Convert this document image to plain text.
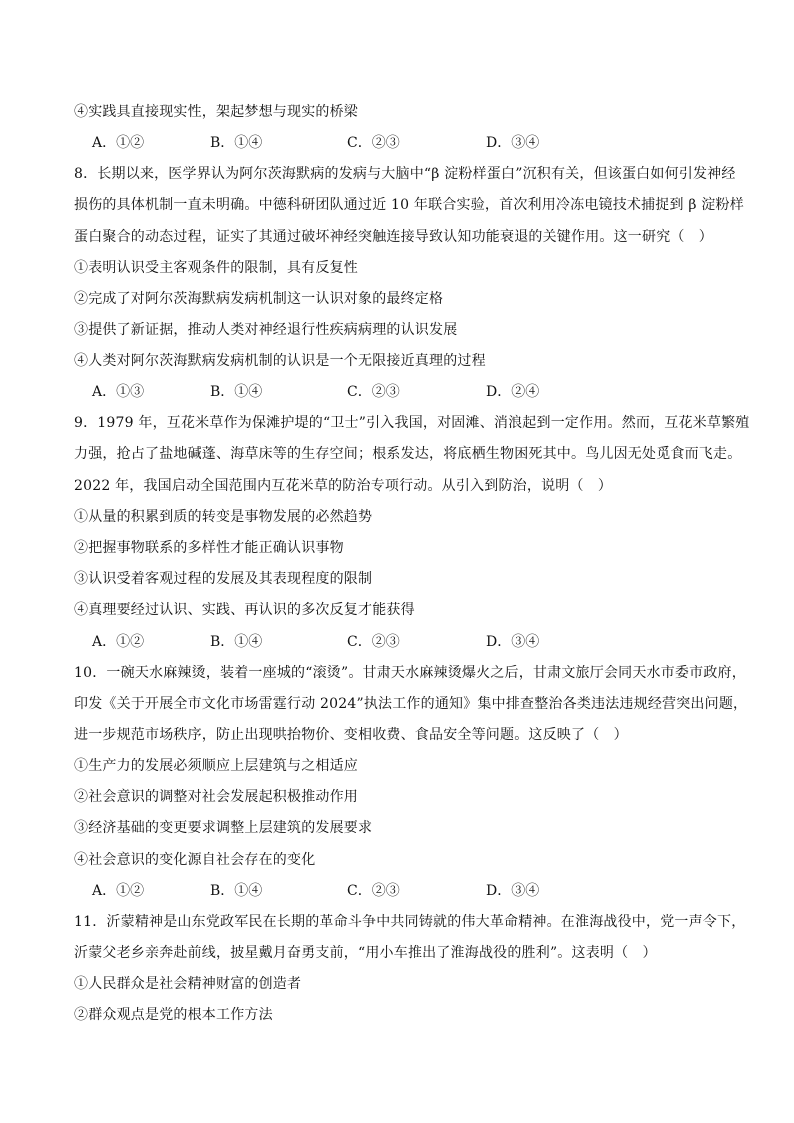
④实践具直接现实性，架起梦想与现实的桥梁
A．①②	B．①④	C．②③	D．③④
8．长期以来，医学界认为阿尔茨海默病的发病与大脑中“β 淀粉样蛋白”沉积有关，但该蛋白如何引发神经
损伤的具体机制一直未明确。中德科研团队通过近 10 年联合实验，首次利用冷冻电镜技术捕捉到 β 淀粉样
蛋白聚合的动态过程，证实了其通过破坏神经突触连接导致认知功能衰退的关键作用。这一研究（　）
①表明认识受主客观条件的限制，具有反复性
②完成了对阿尔茨海默病发病机制这一认识对象的最终定格
③提供了新证据，推动人类对神经退行性疾病病理的认识发展
④人类对阿尔茨海默病发病机制的认识是一个无限接近真理的过程
A．①③	B．①④	C．②③	D．②④
9．1979 年，互花米草作为保滩护堤的“卫士”引入我国，对固滩、消浪起到一定作用。然而，互花米草繁殖
力强，抢占了盐地碱蓬、海草床等的生存空间；根系发达，将底栖生物困死其中。鸟儿因无处觅食而飞走。
2022 年，我国启动全国范围内互花米草的防治专项行动。从引入到防治，说明（　）
①从量的积累到质的转变是事物发展的必然趋势
②把握事物联系的多样性才能正确认识事物
③认识受着客观过程的发展及其表现程度的限制
④真理要经过认识、实践、再认识的多次反复才能获得
A．①②	B．①④	C．②③	D．③④
10．一碗天水麻辣烫，装着一座城的“滚烫”。甘肃天水麻辣烫爆火之后，甘肃文旅厅会同天水市委市政府，
印发《关于开展全市文化市场雷霆行动 2024”执法工作的通知》集中排查整治各类违法违规经营突出问题，
进一步规范市场秩序，防止出现哄抬物价、变相收费、食品安全等问题。这反映了（　）
①生产力的发展必须顺应上层建筑与之相适应
②社会意识的调整对社会发展起积极推动作用
③经济基础的变更要求调整上层建筑的发展要求
④社会意识的变化源自社会存在的变化
A．①②	B．①④	C．②③	D．③④
11．沂蒙精神是山东党政军民在长期的革命斗争中共同铸就的伟大革命精神。在淮海战役中，党一声令下，
沂蒙父老乡亲奔赴前线，披星戴月奋勇支前，“用小车推出了淮海战役的胜利”。这表明（　）
①人民群众是社会精神财富的创造者
②群众观点是党的根本工作方法
